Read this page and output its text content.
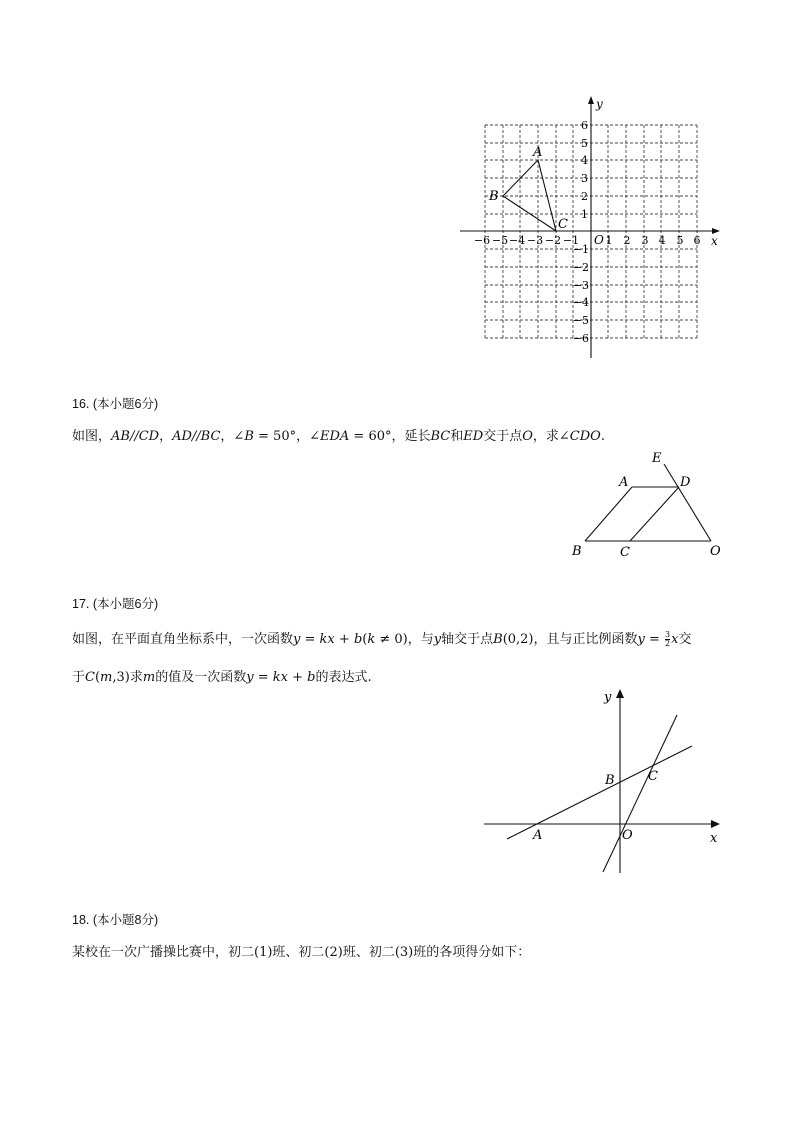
x
y
O
−6 −5 −4 −3 −2 −1 1 2 3 4 5 6
6
5
4
3
2
1
−1
−2
−3
−4
−5
−6
A
B
C
16. (本小题6分)
如图，AB//CD，AD//BC，∠B = 50°，∠EDA = 60°，延长BC和ED交于点O，求∠CDO.
E
A	D
B	C	O
17. (本小题6分)
如图，在平面直角坐标系中，一次函数y = kx + b(k ≠ 0)，与y轴交于点B(0,2)，且与正比例函数$y = \frac{3}{2}$ x交
于C(m,3)求m的值及一次函数y = kx + b的表达式.
y
x
B	C
A	O
18. (本小题8分)
某校在一次广播操比赛中，初二(1)班、初二(2)班、初二(3)班的各项得分如下：
